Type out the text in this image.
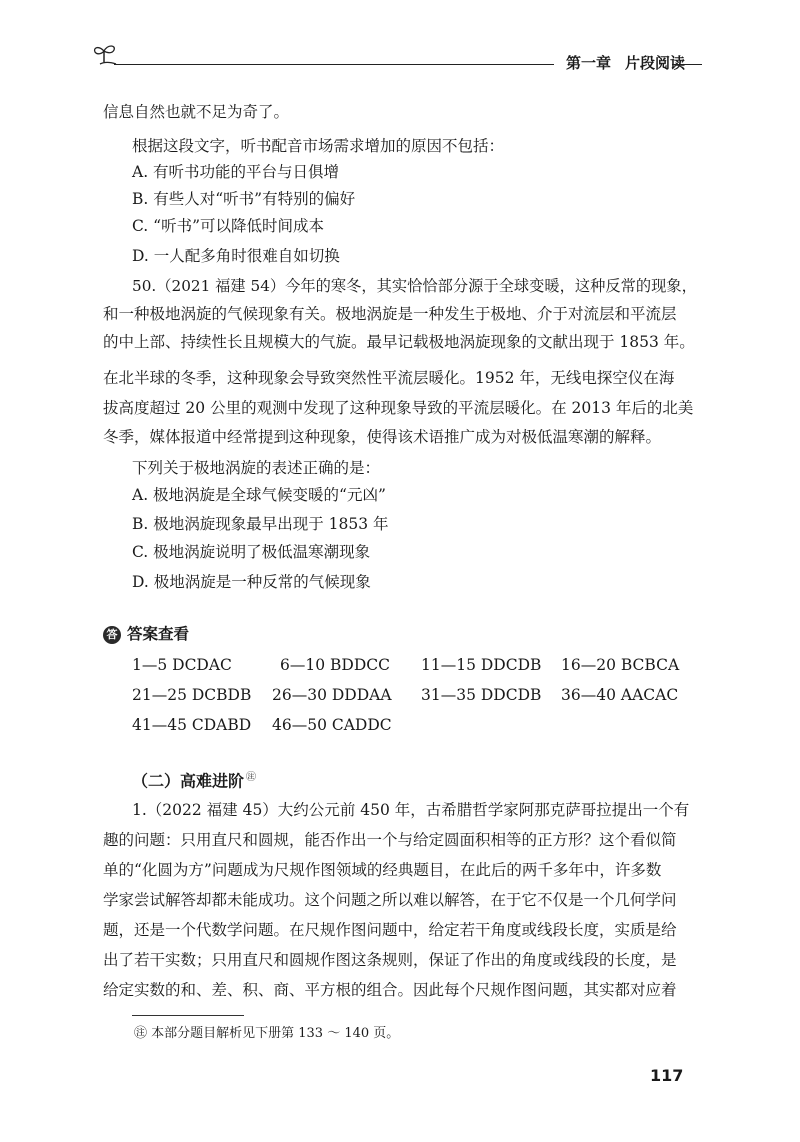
第一章 片段阅读
信息自然也就不足为奇了。
根据这段文字，听书配音市场需求增加的原因不包括：
A. 有听书功能的平台与日俱增
B. 有些人对“听书”有特别的偏好
C. “听书”可以降低时间成本
D. 一人配多角时很难自如切换
50.（2021 福建 54）今年的寒冬，其实恰恰部分源于全球变暖，这种反常的现象，
和一种极地涡旋的气候现象有关。极地涡旋是一种发生于极地、介于对流层和平流层
的中上部、持续性长且规模大的气旋。最早记载极地涡旋现象的文献出现于 1853 年。
在北半球的冬季，这种现象会导致突然性平流层暖化。1952 年，无线电探空仪在海
拔高度超过 20 公里的观测中发现了这种现象导致的平流层暖化。在 2013 年后的北美
冬季，媒体报道中经常提到这种现象，使得该术语推广成为对极低温寒潮的解释。
下列关于极地涡旋的表述正确的是：
A. 极地涡旋是全球气候变暖的“元凶”
B. 极地涡旋现象最早出现于 1853 年
C. 极地涡旋说明了极低温寒潮现象
D. 极地涡旋是一种反常的气候现象
答 答案查看
1—5 DCDAC	6—10 BDDCC 11—15 DDCDB 16—20 BCBCA
21—25 DCBDB 26—30 DDDAA 31—35 DDCDB 36—40 AACAC
41—45 CDABD 46—50 CADDC
（二）高难进阶 ㊟
1.（2022 福建 45）大约公元前 450 年，古希腊哲学家阿那克萨哥拉提出一个有
趣的问题：只用直尺和圆规，能否作出一个与给定圆面积相等的正方形？这个看似简
单的“化圆为方”问题成为尺规作图领域的经典题目，在此后的两千多年中，许多数
学家尝试解答却都未能成功。这个问题之所以难以解答，在于它不仅是一个几何学问
题，还是一个代数学问题。在尺规作图问题中，给定若干角度或线段长度，实质是给
出了若干实数；只用直尺和圆规作图这条规则，保证了作出的角度或线段的长度，是
给定实数的和、差、积、商、平方根的组合。因此每个尺规作图问题，其实都对应着
㊟ 本部分题目解析见下册第 133 ～ 140 页。
117
